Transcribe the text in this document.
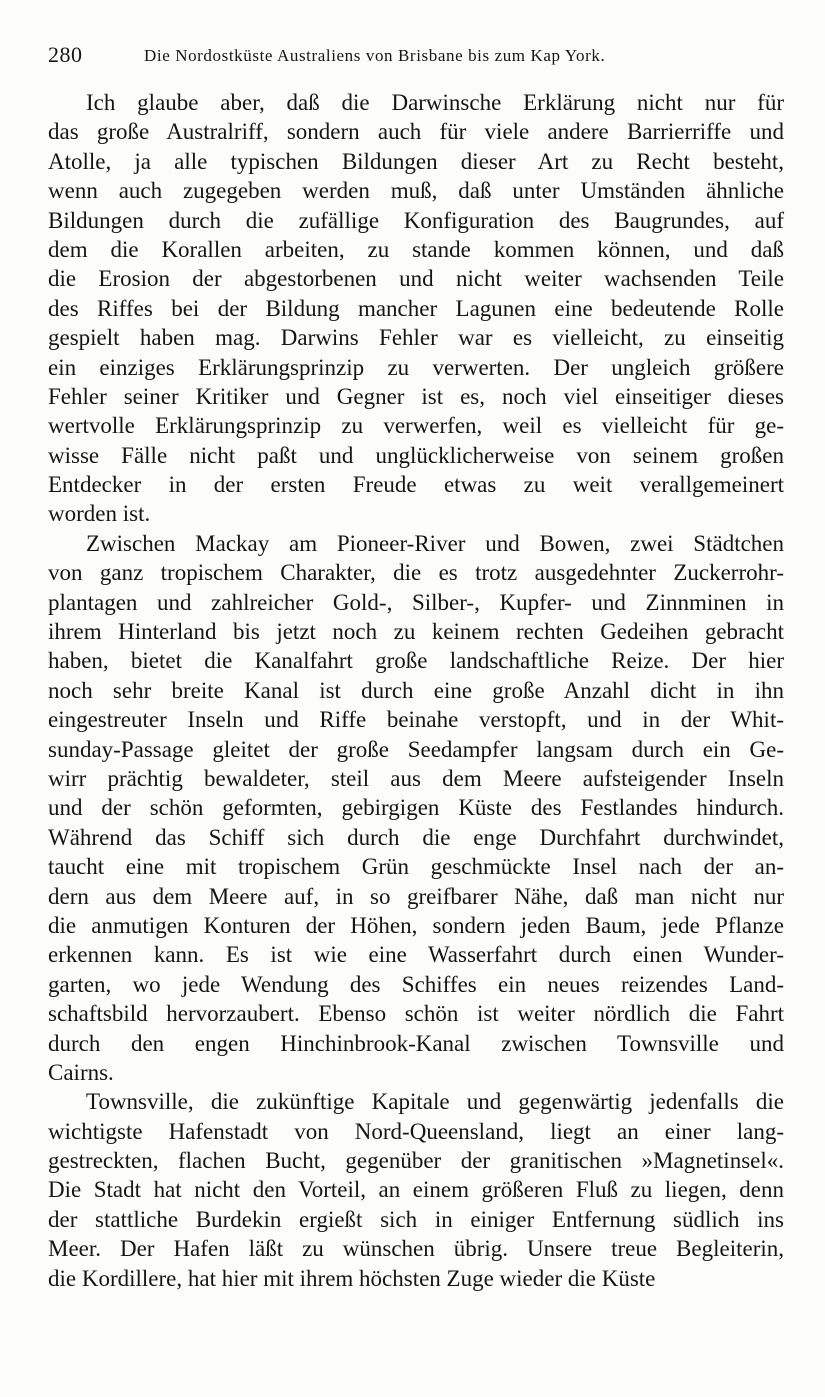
280	Die Nordostküste Australiens von Brisbane bis zum Kap York.
Ich glaube aber, daß die Darwinsche Erklärung nicht nur für
das große Australriff, sondern auch für viele andere Barrierriffe und
Atolle, ja alle typischen Bildungen dieser Art zu Recht besteht,
wenn auch zugegeben werden muß, daß unter Umständen ähnliche
Bildungen durch die zufällige Konfiguration des Baugrundes, auf
dem die Korallen arbeiten, zu stande kommen können, und daß
die Erosion der abgestorbenen und nicht weiter wachsenden Teile
des Riffes bei der Bildung mancher Lagunen eine bedeutende Rolle
gespielt haben mag. Darwins Fehler war es vielleicht, zu einseitig
ein einziges Erklärungsprinzip zu verwerten. Der ungleich größere
Fehler seiner Kritiker und Gegner ist es, noch viel einseitiger dieses
wertvolle Erklärungsprinzip zu verwerfen, weil es vielleicht für ge-
wisse Fälle nicht paßt und unglücklicherweise von seinem großen
Entdecker in der ersten Freude etwas zu weit verallgemeinert
worden ist.
Zwischen Mackay am Pioneer-River und Bowen, zwei Städtchen
von ganz tropischem Charakter, die es trotz ausgedehnter Zuckerrohr-
plantagen und zahlreicher Gold-, Silber-, Kupfer- und Zinnminen in
ihrem Hinterland bis jetzt noch zu keinem rechten Gedeihen gebracht
haben, bietet die Kanalfahrt große landschaftliche Reize. Der hier
noch sehr breite Kanal ist durch eine große Anzahl dicht in ihn
eingestreuter Inseln und Riffe beinahe verstopft, und in der Whit-
sunday-Passage gleitet der große Seedampfer langsam durch ein Ge-
wirr prächtig bewaldeter, steil aus dem Meere aufsteigender Inseln
und der schön geformten, gebirgigen Küste des Festlandes hindurch.
Während das Schiff sich durch die enge Durchfahrt durchwindet,
taucht eine mit tropischem Grün geschmückte Insel nach der an-
dern aus dem Meere auf, in so greifbarer Nähe, daß man nicht nur
die anmutigen Konturen der Höhen, sondern jeden Baum, jede Pflanze
erkennen kann. Es ist wie eine Wasserfahrt durch einen Wunder-
garten, wo jede Wendung des Schiffes ein neues reizendes Land-
schaftsbild hervorzaubert. Ebenso schön ist weiter nördlich die Fahrt
durch den engen Hinchinbrook-Kanal zwischen Townsville und
Cairns.
Townsville, die zukünftige Kapitale und gegenwärtig jedenfalls die
wichtigste Hafenstadt von Nord-Queensland, liegt an einer lang-
gestreckten, flachen Bucht, gegenüber der granitischen »Magnetinsel«.
Die Stadt hat nicht den Vorteil, an einem größeren Fluß zu liegen, denn
der stattliche Burdekin ergießt sich in einiger Entfernung südlich ins
Meer. Der Hafen läßt zu wünschen übrig. Unsere treue Begleiterin,
die Kordillere, hat hier mit ihrem höchsten Zuge wieder die Küste
